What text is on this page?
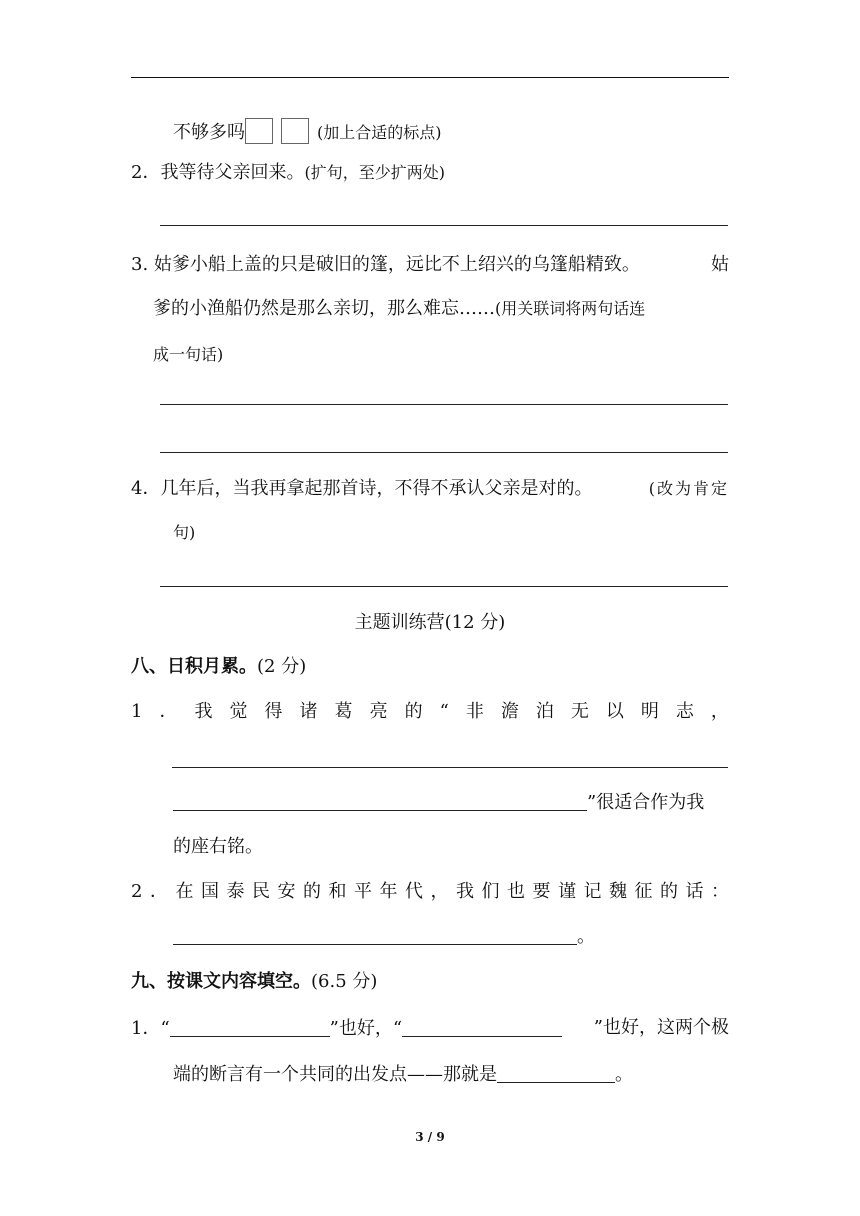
不够多吗	(加上合适的标点)
2．我等待父亲回来。(扩句，至少扩两处)
3. 姑爹小船上盖的只是破旧的篷，远比不上绍兴的乌篷船精致。	姑
爹的小渔船仍然是那么亲切，那么难忘……(用关联词将两句话连
成一句话)
4．几年后，当我再拿起那首诗，不得不承认父亲是对的。	(改为肯定
句)
主题训练营(12 分)
八、日积月累。(2 分)
1 ． 我 觉 得 诸 葛 亮 的 “ 非 澹 泊 无 以 明 志 ，
”很适合作为我
的座右铭。
2 ． 在 国 泰 民 安 的 和 平 年 代 ， 我 们 也 要 谨 记 魏 征 的 话 ：
。
九、按课文内容填空。(6.5 分)
1．“	”也好，“	”也好，这两个极
端的断言有一个共同的出发点——那就是	。
3 / 9
